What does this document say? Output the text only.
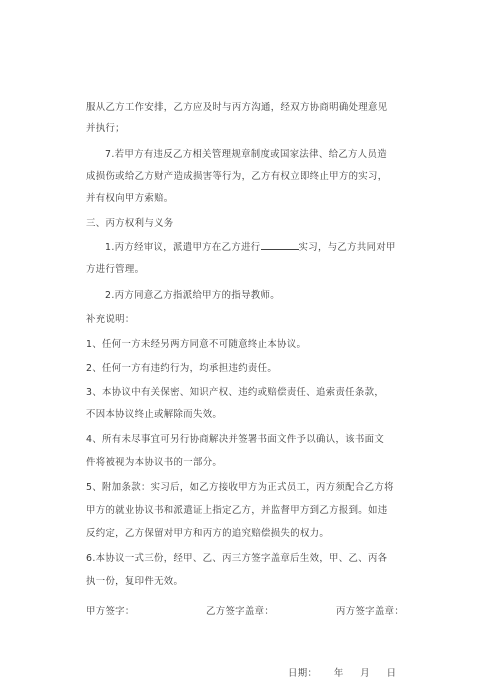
服从乙方工作安排，乙方应及时与丙方沟通，经双方协商明确处理意见
并执行；
7.若甲方有违反乙方相关管理规章制度或国家法律、给乙方人员造
成损伤或给乙方财产造成损害等行为，乙方有权立即终止甲方的实习，
并有权向甲方索赔。
三、丙方权利与义务
1.丙方经审议，派遣甲方在乙方进行	实习，与乙方共同对甲
方进行管理。
2.丙方同意乙方指派给甲方的指导教师。
补充说明：
1、任何一方未经另两方同意不可随意终止本协议。
2、任何一方有违约行为，均承担违约责任。
3、本协议中有关保密、知识产权、违约或赔偿责任、追索责任条款，
不因本协议终止或解除而失效。
4、所有未尽事宜可另行协商解决并签署书面文件予以确认，该书面文
件将被视为本协议书的一部分。
5、附加条款：实习后，如乙方接收甲方为正式员工，丙方须配合乙方将
甲方的就业协议书和派遣证上指定乙方，并监督甲方到乙方报到。如违
反约定，乙方保留对甲方和丙方的追究赔偿损失的权力。
6.本协议一式三份，经甲、乙、丙三方签字盖章后生效，甲、乙、丙各
执一份，复印件无效。
甲方签字：	乙方签字盖章：	丙方签字盖章：
日期：     年     月     日
